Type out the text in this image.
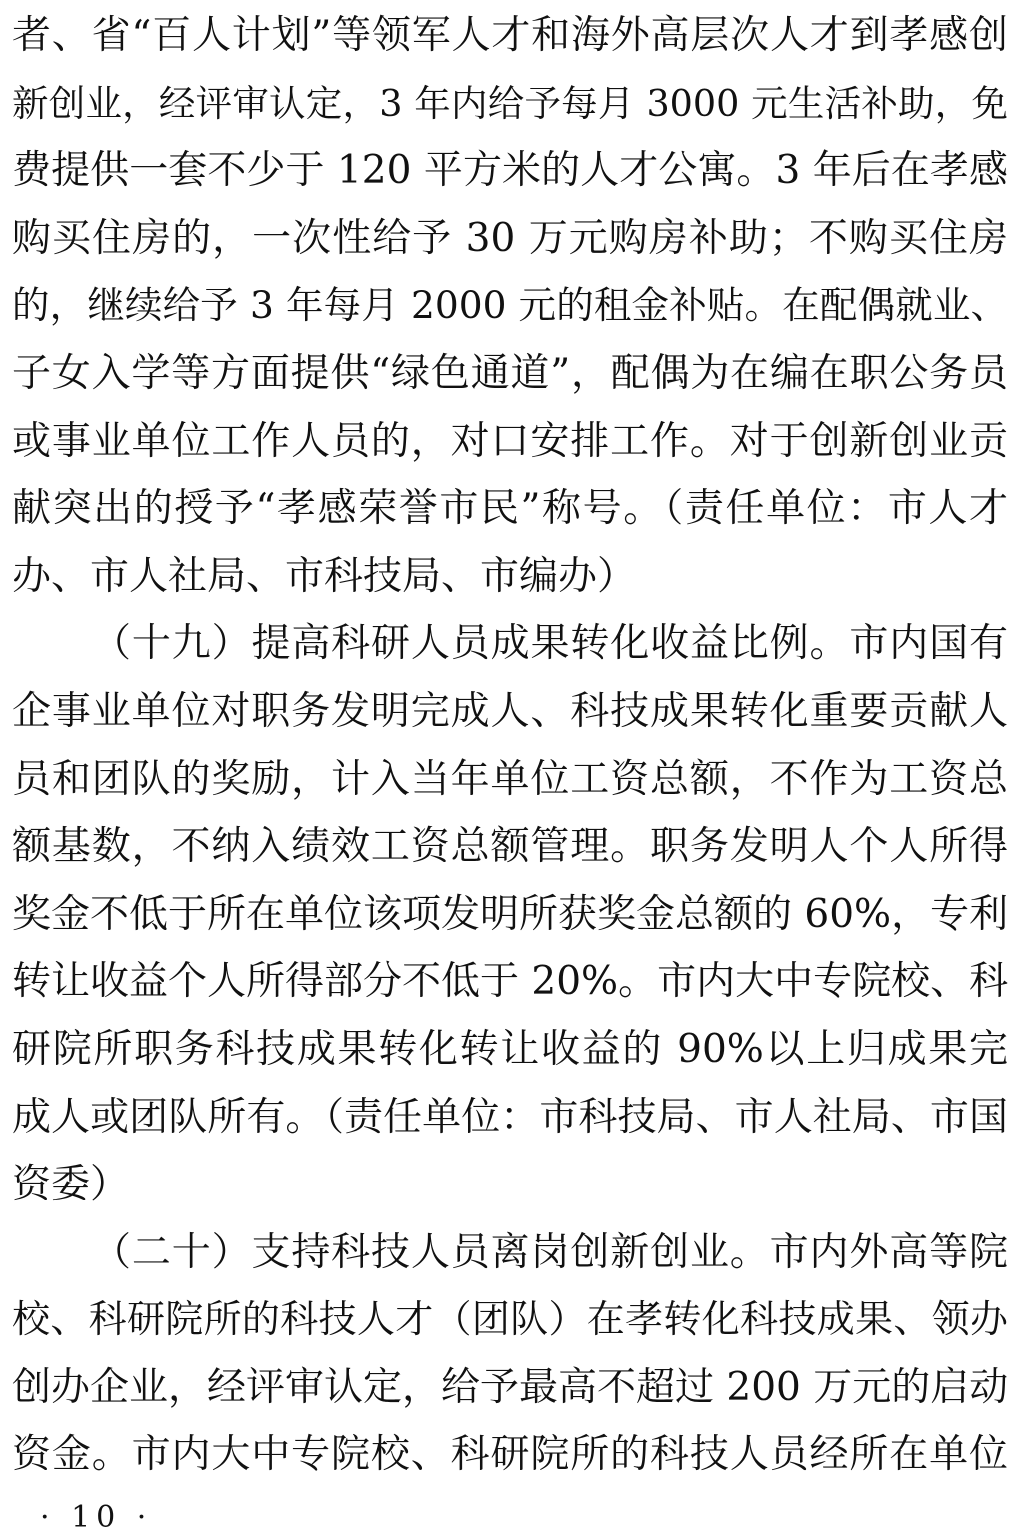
者、省“百人计划”等领军人才和海外高层次人才到孝感创
新创业，经评审认定，3 年内给予每月 3000 元生活补助，免
费提供一套不少于 120 平方米的人才公寓。3 年后在孝感
购买住房的，一次性给予 30 万元购房补助；不购买住房
的，继续给予 3 年每月 2000 元的租金补贴。在配偶就业、
子女入学等方面提供“绿色通道”，配偶为在编在职公务员
或事业单位工作人员的，对口安排工作。对于创新创业贡
献突出的授予“孝感荣誉市民”称号。（责任单位：市人才
办、市人社局、市科技局、市编办）
（十九）提高科研人员成果转化收益比例。市内国有
企事业单位对职务发明完成人、科技成果转化重要贡献人
员和团队的奖励，计入当年单位工资总额，不作为工资总
额基数，不纳入绩效工资总额管理。职务发明人个人所得
奖金不低于所在单位该项发明所获奖金总额的 60%，专利
转让收益个人所得部分不低于 20%。市内大中专院校、科
研院所职务科技成果转化转让收益的 90%以上归成果完
成人或团队所有。（责任单位：市科技局、市人社局、市国
资委）
（二十）支持科技人员离岗创新创业。市内外高等院
校、科研院所的科技人才（团队）在孝转化科技成果、领办
创办企业，经评审认定，给予最高不超过 200 万元的启动
资金。市内大中专院校、科研院所的科技人员经所在单位
· 10 ·
